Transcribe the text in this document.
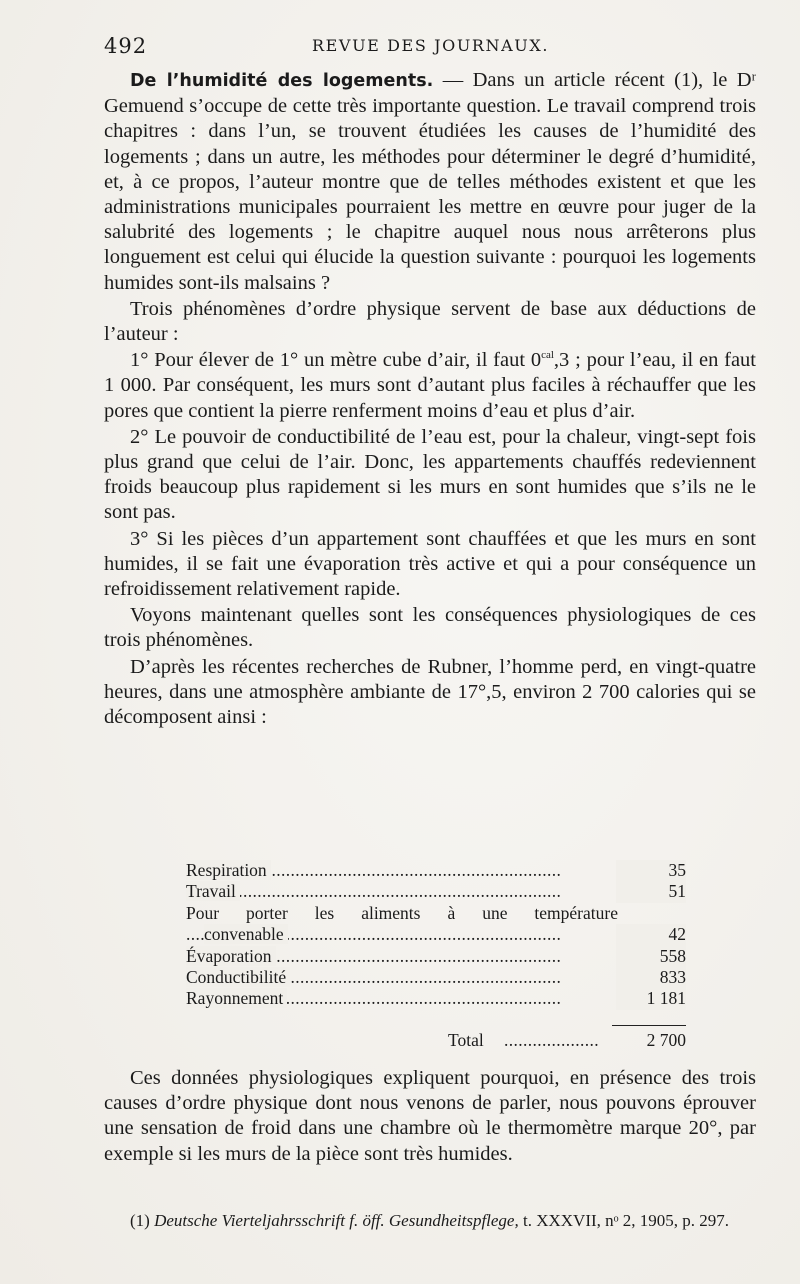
492	REVUE DES JOURNAUX.

De l’humidité des logements. — Dans un article récent (1), le Dʳ Gemuend s’occupe de cette très importante question. Le travail comprend trois chapitres : dans l’un, se trouvent étudiées les causes de l’humidité des logements ; dans un autre, les méthodes pour déterminer le degré d’humidité, et, à ce propos, l’auteur montre que de telles méthodes existent et que les administrations municipales pourraient les mettre en œuvre pour juger de la salubrité des logements ; le chapitre auquel nous nous arrêterons plus longuement est celui qui élucide la question suivante : pourquoi les logements humides sont-ils malsains ?

Trois phénomènes d’ordre physique servent de base aux déductions de l’auteur :

1° Pour élever de 1° un mètre cube d’air, il faut $0^{cal},3$ ; pour l’eau, il en faut 1 000. Par conséquent, les murs sont d’autant plus faciles à réchauffer que les pores que contient la pierre renferment moins d’eau et plus d’air.

2° Le pouvoir de conductibilité de l’eau est, pour la chaleur, vingt-sept fois plus grand que celui de l’air. Donc, les appartements chauffés redeviennent froids beaucoup plus rapidement si les murs en sont humides que s’ils ne le sont pas.

3° Si les pièces d’un appartement sont chauffées et que les murs en sont humides, il se fait une évaporation très active et qui a pour conséquence un refroidissement relativement rapide.

Voyons maintenant quelles sont les conséquences physiologiques de ces trois phénomènes.

D’après les récentes recherches de Rubner, l’homme perd, en vingt-quatre heures, dans une atmosphère ambiante de 17°,5, environ 2 700 calories qui se décomposent ainsi :

. . .
Respiration	35
. . .
Travail	51
Pour porter les aliments à une température
. . .
convenable	42
. . .
Évaporation	558
. . .
Conductibilité	833
. . .
Rayonnement	1 181
Total . . .	2 700

Ces données physiologiques expliquent pourquoi, en présence des trois causes d’ordre physique dont nous venons de parler, nous pouvons éprouver une sensation de froid dans une chambre où le thermomètre marque 20°, par exemple si les murs de la pièce sont très humides.

(1) Deutsche Vierteljahrsschrift f. öff. Gesundheitspflege, t. XXXVII, nᵒ 2, 1905, p. 297.
